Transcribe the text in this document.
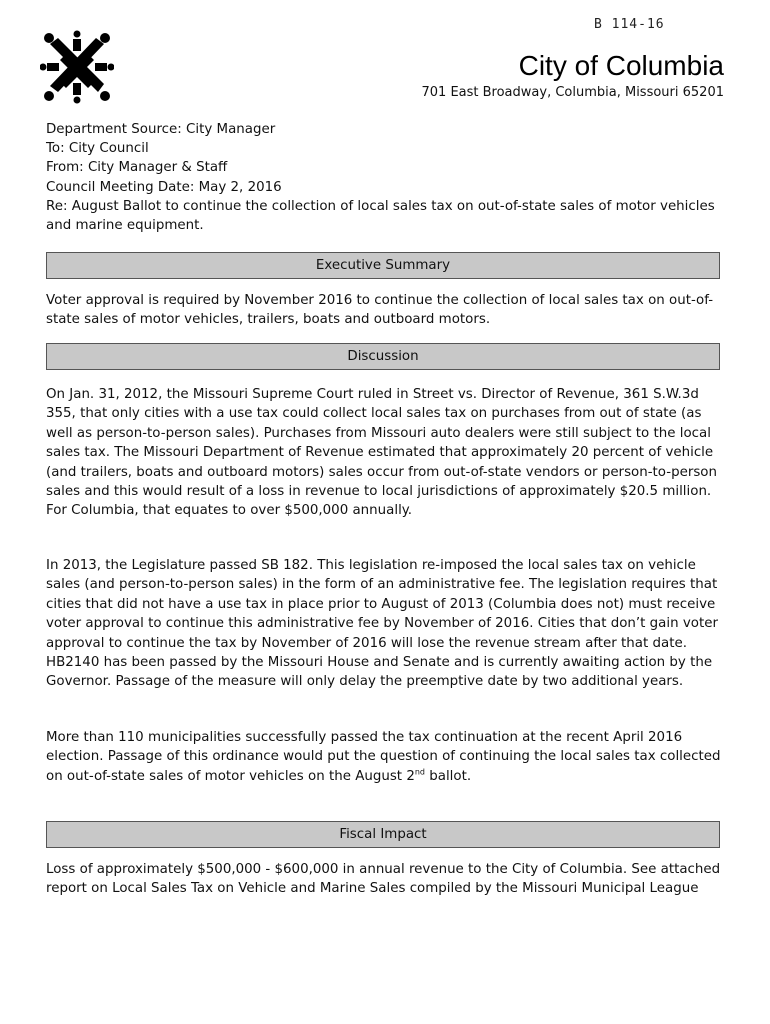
B 114-16
City of Columbia
701 East Broadway, Columbia, Missouri 65201
Department Source: City Manager
To: City Council
From: City Manager & Staff
Council Meeting Date: May 2, 2016
Re: August Ballot to continue the collection of local sales tax on out-of-state sales of motor vehicles and marine equipment.
Executive Summary

Voter approval is required by November 2016 to continue the collection of local sales tax on out-of-state sales of motor vehicles, trailers, boats and outboard motors.

Discussion

On Jan. 31, 2012, the Missouri Supreme Court ruled in Street vs. Director of Revenue, 361 S.W.3d 355, that only cities with a use tax could collect local sales tax on purchases from out of state (as well as person-to-person sales). Purchases from Missouri auto dealers were still subject to the local sales tax. The Missouri Department of Revenue estimated that approximately 20 percent of vehicle (and trailers, boats and outboard motors) sales occur from out-of-state vendors or person-to-person sales and this would result of a loss in revenue to local jurisdictions of approximately $20.5 million. For Columbia, that equates to over $500,000 annually.

In 2013, the Legislature passed SB 182. This legislation re-imposed the local sales tax on vehicle sales (and person-to-person sales) in the form of an administrative fee. The legislation requires that cities that did not have a use tax in place prior to August of 2013 (Columbia does not) must receive voter approval to continue this administrative fee by November of 2016. Cities that don’t gain voter approval to continue the tax by November of 2016 will lose the revenue stream after that date. HB2140 has been passed by the Missouri House and Senate and is currently awaiting action by the Governor. Passage of the measure will only delay the preemptive date by two additional years.

More than 110 municipalities successfully passed the tax continuation at the recent April 2016 election. Passage of this ordinance would put the question of continuing the local sales tax collected on out-of-state sales of motor vehicles on the August 2nd ballot.

Fiscal Impact

Loss of approximately $500,000 - $600,000 in annual revenue to the City of Columbia. See attached report on Local Sales Tax on Vehicle and Marine Sales compiled by the Missouri Municipal League
